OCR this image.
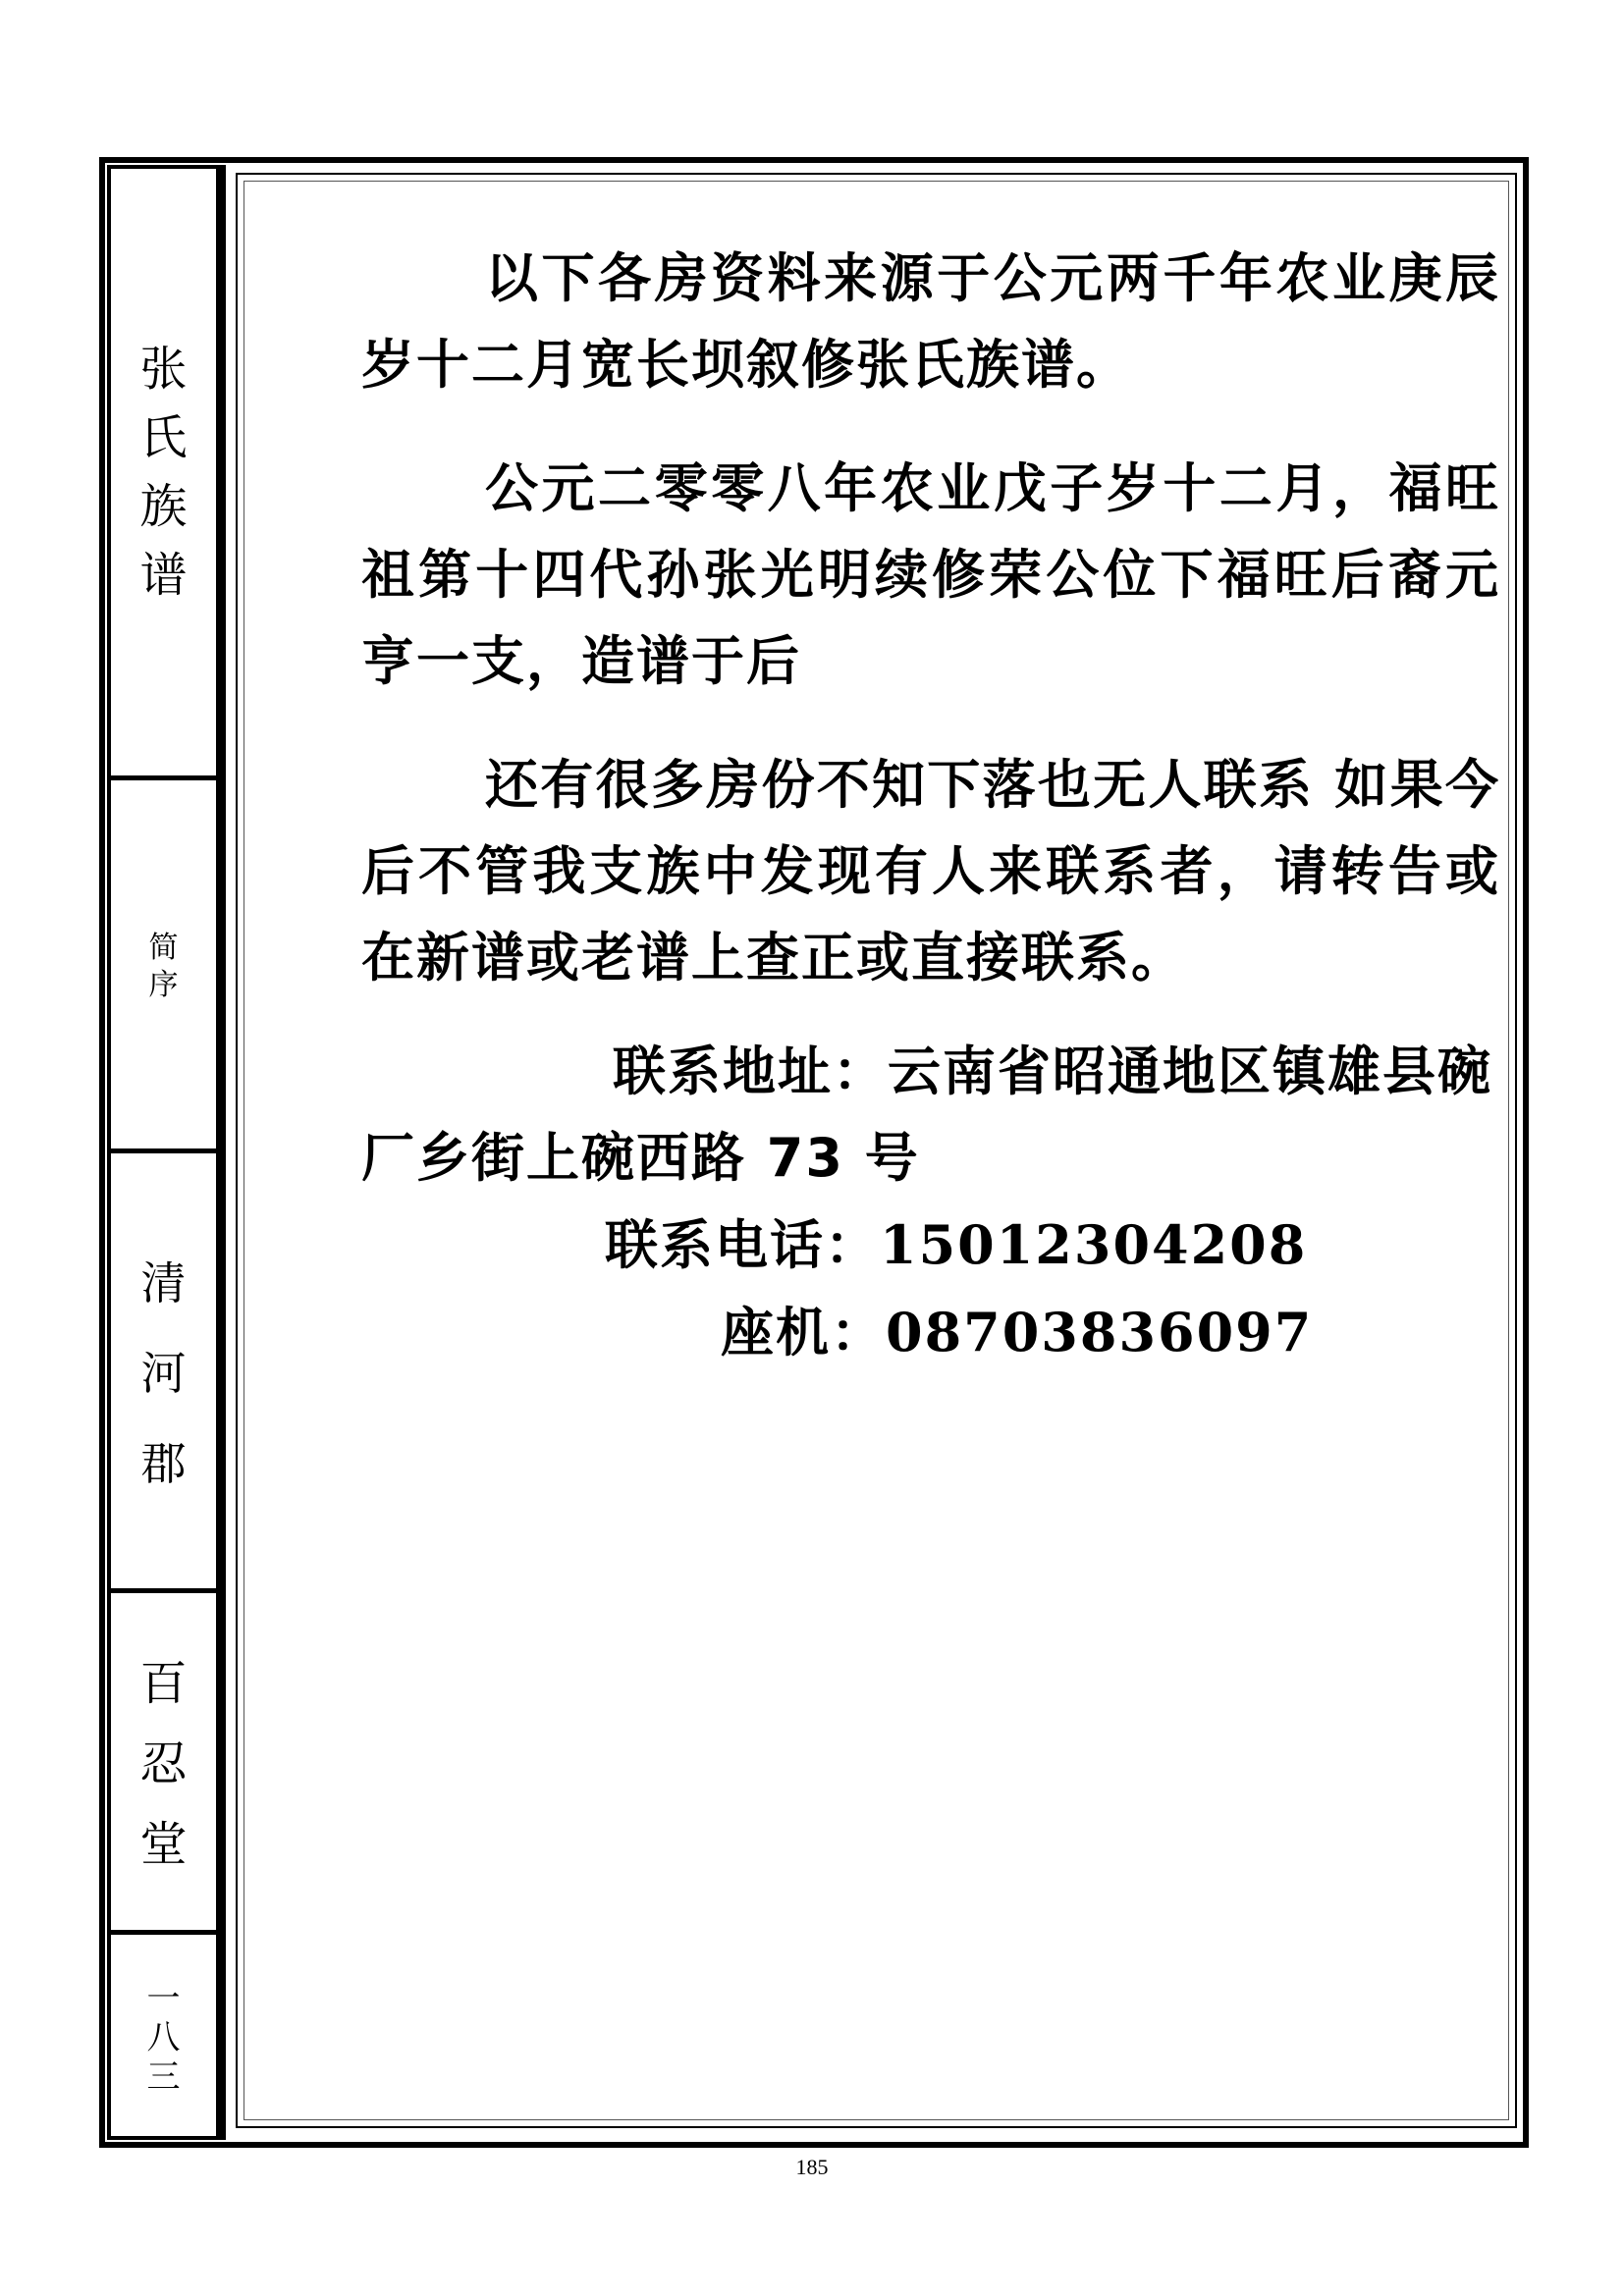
张
氏
族
谱
简
序
清
河
郡
百
忍
堂
一
八
三

以下各房资料来源于公元两千年农业庚辰岁十二月宽长坝叙修张氏族谱。

公元二零零八年农业戊子岁十二月，福旺祖第十四代孙张光明续修荣公位下福旺后裔元亨一支，造谱于后

还有很多房份不知下落也无人联系 如果今后不管我支族中发现有人来联系者，请转告或在新谱或老谱上查正或直接联系。

联系地址：云南省昭通地区镇雄县碗厂乡街上碗西路 73 号

联系电话：15012304208

座机：08703836097

185
